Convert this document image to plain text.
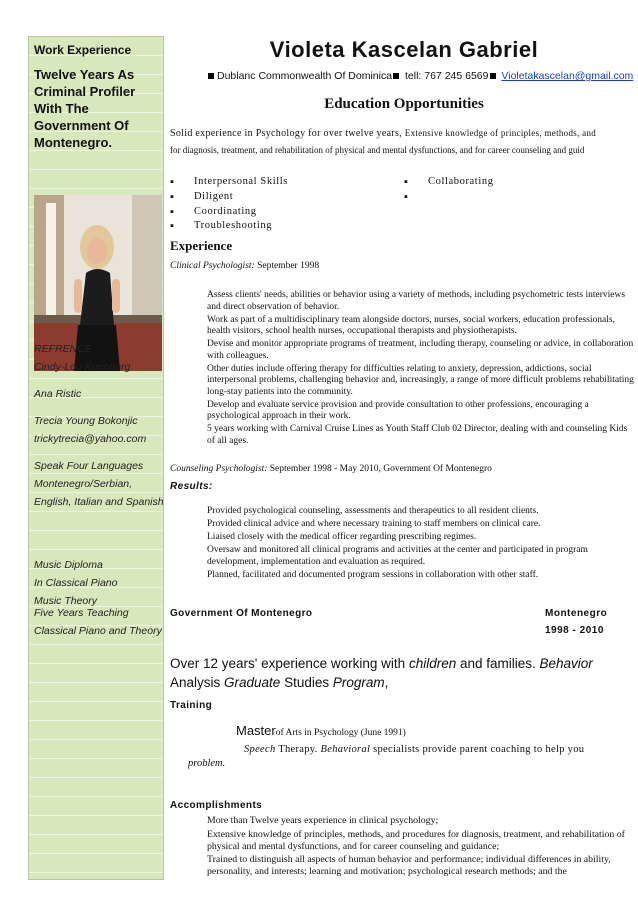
Work Experience
Twelve Years As Criminal Profiler With The Government Of Montenegro.
REFRENCE
Cindy-Lou Koenberg
Ana Ristic
Trecia Young Bokonjic
trickytrecia@yahoo.com
Speak Four Languages Montenegro/Serbian, English, Italian and Spanish
Music Diploma
In Classical Piano
Music Theory
Five Years Teaching Classical Piano and Theory
Violeta Kascelan Gabriel
Dublanc Commonwealth Of Dominica tell: 767 245 6569 Violetakascelan@gmail.com
Education Opportunities
Solid experience in Psychology for over twelve years, Extensive knowledge of principles, methods, and
for diagnosis, treatment, and rehabilitation of physical and mental dysfunctions, and for career counseling and guid
▪ Interpersonal Skills
▪ Diligent
▪ Coordinating
▪ Troubleshooting
▪ Collaborating
Experience
Clinical Psychologist: September 1998
➢ Assess clients' needs, abilities or behavior using a variety of methods, including psychometric tests interviews and direct observation of behavior.
➢ Work as part of a multidisciplinary team alongside doctors, nurses, social workers, education professionals, health visitors, school health nurses, occupational therapists and physiotherapists.
➢ Devise and monitor appropriate programs of treatment, including therapy, counseling or advice, in collaboration with colleagues.
➢ Other duties include offering therapy for difficulties relating to anxiety, depression, addictions, social interpersonal problems, challenging behavior and, increasingly, a range of more difficult problems rehabilitating long-stay patients into the community.
➢ Develop and evaluate service provision and provide consultation to other professions, encouraging a psychological approach in their work.
➢ 5 years working with Carnival Cruise Lines as Youth Staff Club 02 Director, dealing with and counseling Kids of all ages.
Counseling Psychologist: September 1998 - May 2010, Government Of Montenegro
Results:
➢ Provided psychological counseling, assessments and therapeutics to all resident clients.
➢ Provided clinical advice and where necessary training to staff members on clinical care.
➢ Liaised closely with the medical officer regarding prescribing regimes.
➢ Oversaw and monitored all clinical programs and activities at the center and participated in program development, implementation and evaluation as required.
➢ Planned, facilitated and documented program sessions in collaboration with other staff.
Government Of Montenegro	Montenegro
1998 - 2010
Over 12 years' experience working with children and families. Behavior Analysis Graduate Studies Program,
Training
Masterof Arts in Psychology (June 1991)
Speech Therapy. Behavioral specialists provide parent coaching to help you
problem.
Accomplishments
➢ More than Twelve years experience in clinical psychology;
➢ Extensive knowledge of principles, methods, and procedures for diagnosis, treatment, and rehabilitation of physical and mental dysfunctions, and for career counseling and guidance;
➢ Trained to distinguish all aspects of human behavior and performance; individual differences in ability, personality, and interests; learning and motivation; psychological research methods; and the
